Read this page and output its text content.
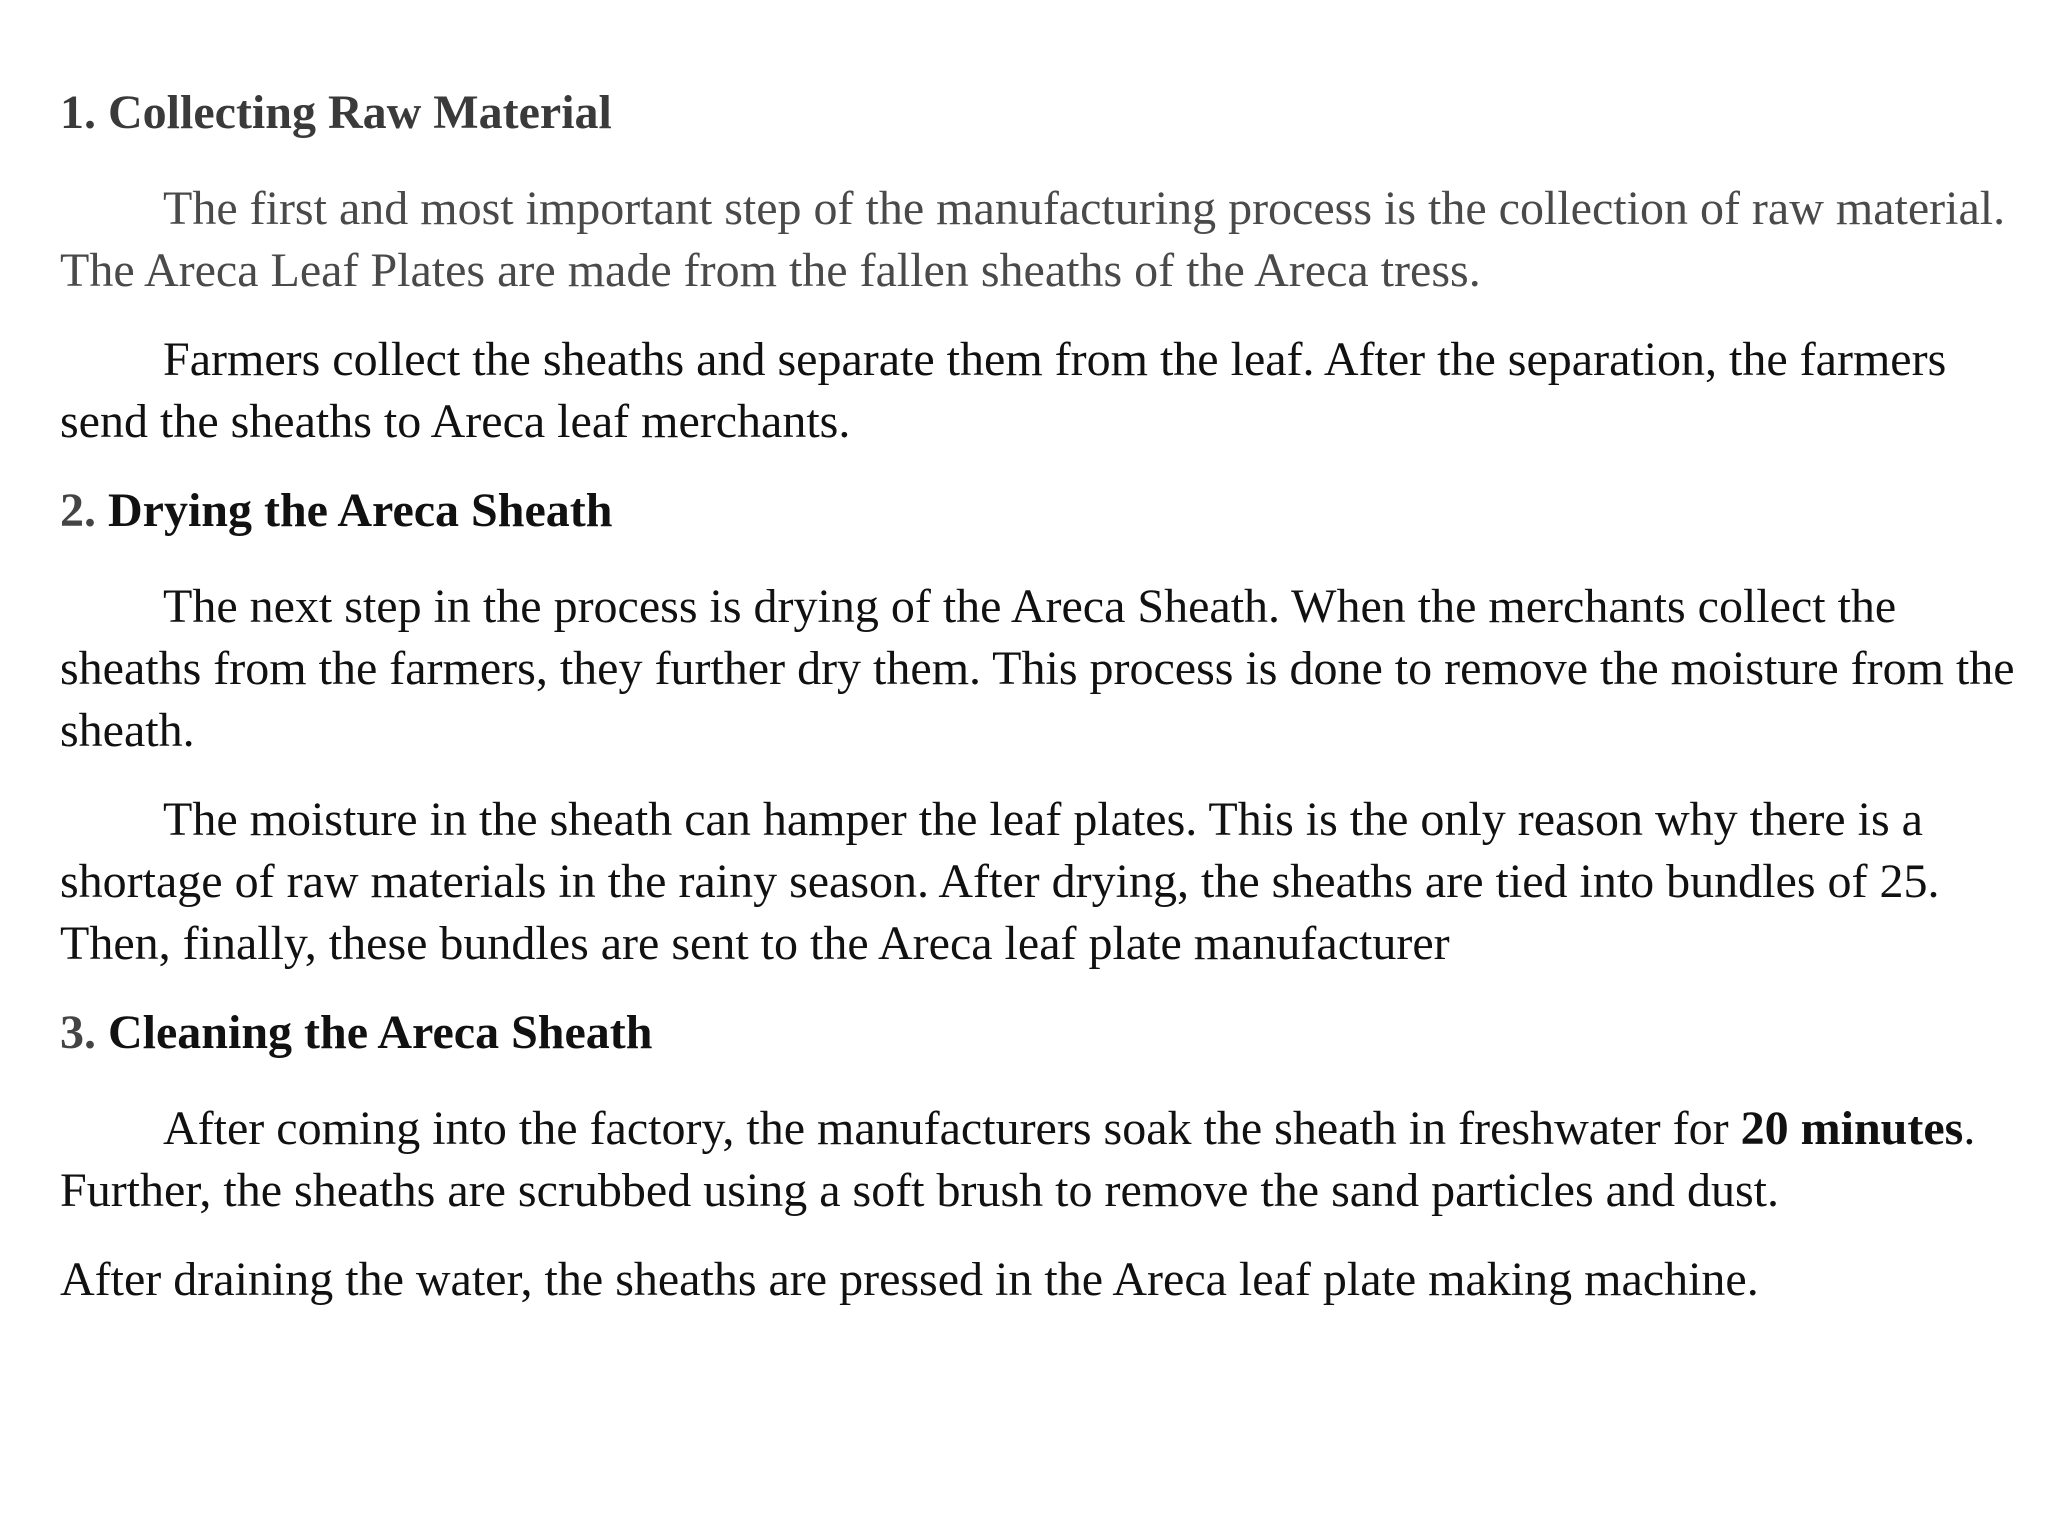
1. Collecting Raw Material

The first and most important step of the manufacturing process is the collection of raw material. The Areca Leaf Plates are made from the fallen sheaths of the Areca tress.

Farmers collect the sheaths and separate them from the leaf. After the separation, the farmers send the sheaths to Areca leaf merchants.

2. Drying the Areca Sheath

The next step in the process is drying of the Areca Sheath. When the merchants collect the sheaths from the farmers, they further dry them. This process is done to remove the moisture from the sheath.

The moisture in the sheath can hamper the leaf plates. This is the only reason why there is a shortage of raw materials in the rainy season. After drying, the sheaths are tied into bundles of 25. Then, finally, these bundles are sent to the Areca leaf plate manufacturer

3. Cleaning the Areca Sheath

After coming into the factory, the manufacturers soak the sheath in freshwater for 20 minutes. Further, the sheaths are scrubbed using a soft brush to remove the sand particles and dust.

After draining the water, the sheaths are pressed in the Areca leaf plate making machine.
